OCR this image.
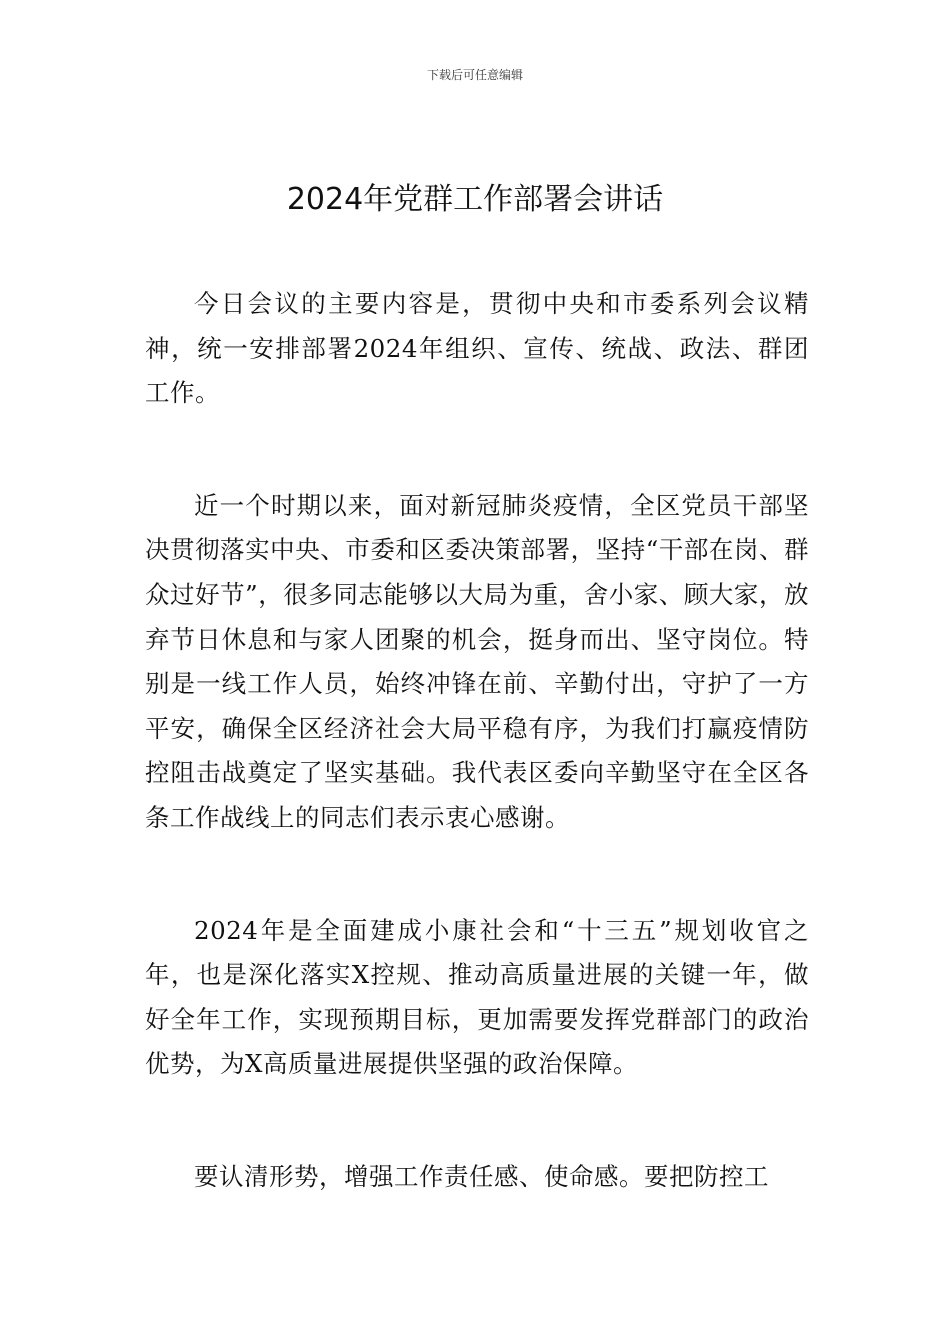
下载后可任意编辑
2024年党群工作部署会讲话

今日会议的主要内容是，贯彻中央和市委系列会议精神，统一安排部署2024年组织、宣传、统战、政法、群团工作。

近一个时期以来，面对新冠肺炎疫情，全区党员干部坚决贯彻落实中央、市委和区委决策部署，坚持“干部在岗、群众过好节”，很多同志能够以大局为重，舍小家、顾大家，放弃节日休息和与家人团聚的机会，挺身而出、坚守岗位。特别是一线工作人员，始终冲锋在前、辛勤付出，守护了一方平安，确保全区经济社会大局平稳有序，为我们打赢疫情防控阻击战奠定了坚实基础。我代表区委向辛勤坚守在全区各条工作战线上的同志们表示衷心感谢。

2024年是全面建成小康社会和“十三五”规划收官之年，也是深化落实X控规、推动高质量进展的关键一年，做好全年工作，实现预期目标，更加需要发挥党群部门的政治优势，为X高质量进展提供坚强的政治保障。

要认清形势，增强工作责任感、使命感。要把防控工
